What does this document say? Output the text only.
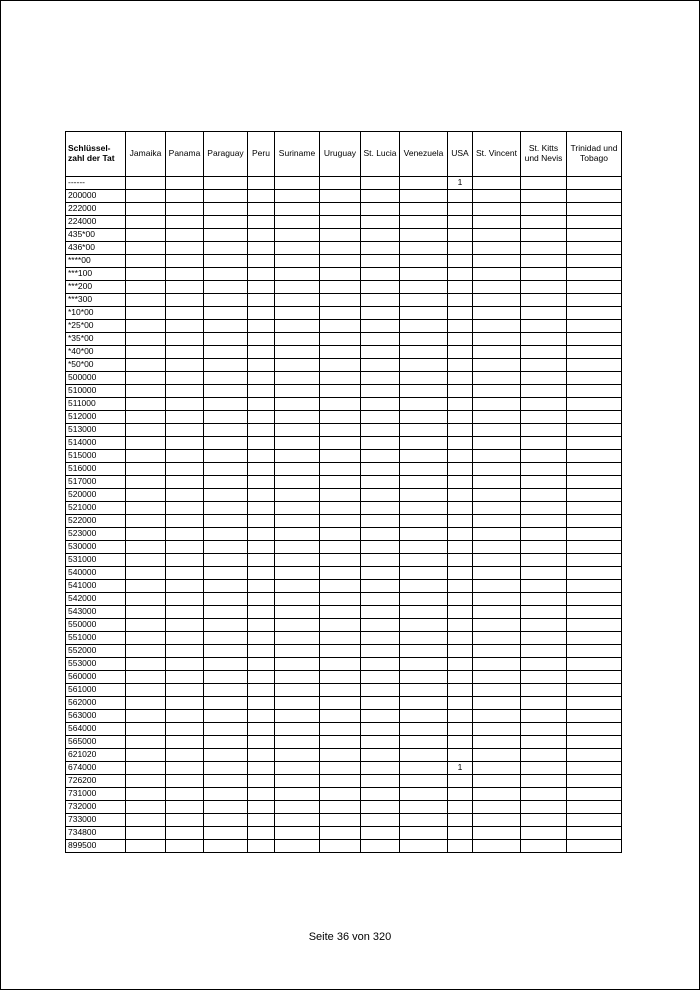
Schlüssel-zahl der Tat	Jamaika	Panama	Paraguay	Peru	Suriname	Uruguay	St. Lucia	Venezuela	USA	St. Vincent	St. Kitts und Nevis	Trinidad und Tobago
------									1			
200000												
222000												
224000												
435*00												
436*00												
****00												
***100												
***200												
***300												
*10*00												
*25*00												
*35*00												
*40*00												
*50*00												
500000												
510000												
511000												
512000												
513000												
514000												
515000												
516000												
517000												
520000												
521000												
522000												
523000												
530000												
531000												
540000												
541000												
542000												
543000												
550000												
551000												
552000												
553000												
560000												
561000												
562000												
563000												
564000												
565000												
621020												
674000									1			
726200												
731000												
732000												
733000												
734800												
899500												
Seite 36 von 320
